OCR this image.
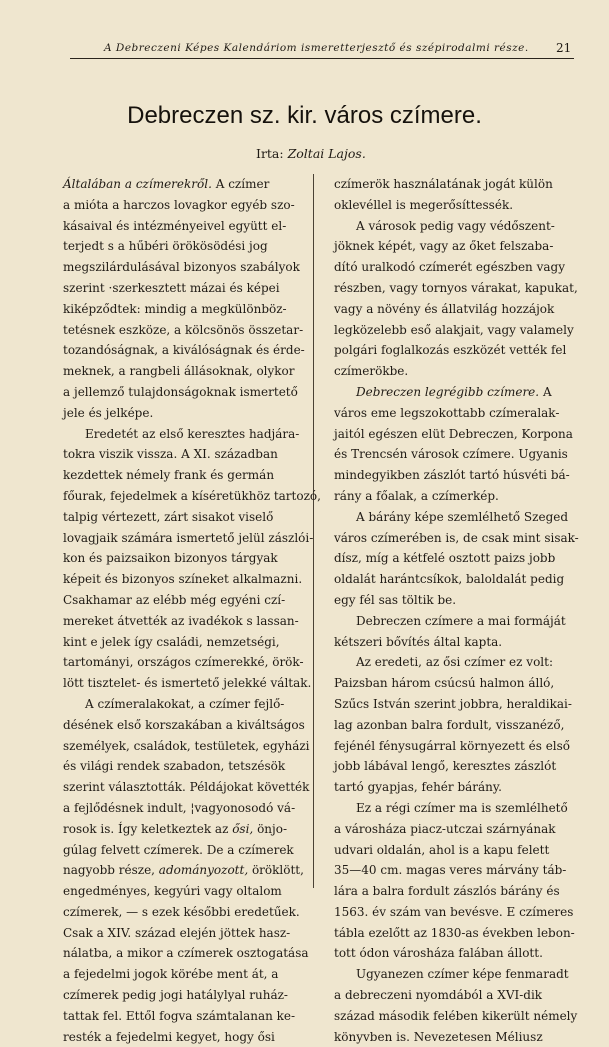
A Debreczeni Képes Kalendáriom ismeretterjesztő és szépirodalmi része.	21
Debreczen sz. kir. város czímere.
Irta: Zoltai Lajos.

Általában a czímerekről. A czímer
a mióta a harczos lovagkor egyéb szo-
kásaival és intézményeivel együtt el-
terjedt s a hűbéri örökösödési jog
megszilárdulásával bizonyos szabályok
szerint ·szerkesztett mázai és képei
kiképződtek: mindig a megkülönböz-
tetésnek eszköze, a kölcsönös összetar-
tozandóságnak, a kiválóságnak és érde-
meknek, a rangbeli állásoknak, olykor
a jellemző tulajdonságoknak ismertető
jele és jelképe.

Eredetét az első keresztes hadjára-
tokra viszik vissza. A XI. században
kezdettek némely frank és germán
főurak, fejedelmek a kíséretükhöz tartozó,
talpig vértezett, zárt sisakot viselő
lovagjaik számára ismertető jelül zászlói-
kon és paizsaikon bizonyos tárgyak
képeit és bizonyos színeket alkalmazni.
Csakhamar az elébb még egyéni czí-
mereket átvették az ivadékok s lassan-
kint e jelek így családi, nemzetségi,
tartományi, országos czímerekké, örök-
lött tisztelet- és ismertető jelekké váltak.

A czímeralakokat, a czímer fejlő-
désének első korszakában a kiváltságos
személyek, családok, testületek, egyházi
és világi rendek szabadon, tetszésök
szerint választották. Példájokat követték
a fejlődésnek indult, ¦vagyonosodó vá-
rosok is. Így keletkeztek az ősi, önjo-
gúlag felvett czímerek. De a czímerek
nagyobb része, adományozott, öröklött,
engedményes, kegyúri vagy oltalom
czímerek, — s ezek későbbi eredetűek.
Csak a XIV. század elején jöttek hasz-
nálatba, a mikor a czímerek osztogatása
a fejedelmi jogok körébe ment át, a
czímerek pedig jogi hatálylyal ruház-
tattak fel. Ettől fogva számtalanan ke-
resték a fejedelmi kegyet, hogy ősi

czímerök használatának jogát külön
oklevéllel is megerősíttessék.

A városok pedig vagy védőszent-
jöknek képét, vagy az őket felszaba-
dító uralkodó czímerét egészben vagy
részben, vagy tornyos várakat, kapukat,
vagy a növény és állatvilág hozzájok
legközelebb eső alakjait, vagy valamely
polgári foglalkozás eszközét vették fel
czímerökbe.

Debreczen legrégibb czímere. A
város eme legszokottabb czímeralak-
jaitól egészen elüt Debreczen, Korpona
és Trencsén városok czímere. Ugyanis
mindegyikben zászlót tartó húsvéti bá-
rány a főalak, a czímerkép.

A bárány képe szemlélhető Szeged
város czímerében is, de csak mint sisak-
dísz, míg a kétfelé osztott paizs jobb
oldalát harántcsíkok, baloldalát pedig
egy fél sas töltik be.

Debreczen czímere a mai formáját
kétszeri bővítés által kapta.

Az eredeti, az ősi czímer ez volt:
Paizsban három csúcsú halmon álló,
Szűcs István szerint jobbra, heraldikai-
lag azonban balra fordult, visszanéző,
fejénél fénysugárral környezett és első
jobb lábával lengő, keresztes zászlót
tartó gyapjas, fehér bárány.

Ez a régi czímer ma is szemlélhető
a városháza piacz-utczai szárnyának
udvari oldalán, ahol is a kapu felett
35—40 cm. magas veres márvány táb-
lára a balra fordult zászlós bárány és
1563. év szám van bevésve. E czímeres
tábla ezelőtt az 1830-as években lebon-
tott ódon városháza falában állott.

Ugyanezen czímer képe fenmaradt
a debreczeni nyomdából a XVI-dik
század második felében kikerült némely
könyvben is. Nevezetesen Méliusz
